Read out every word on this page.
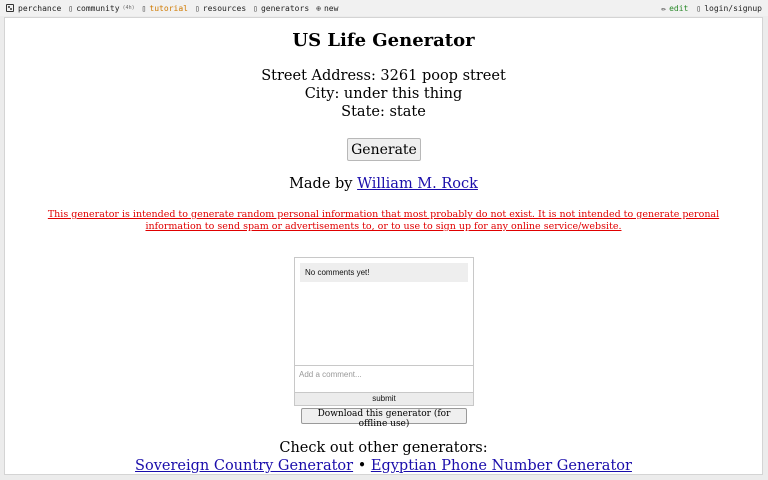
perchance ▯ community (4h) ▯ tutorial ▯ resources ▯ generators ⊕ new	✏ edit ▯ login/signup
US Life Generator
Street Address: 3261 poop street
City: under this thing
State: state
Generate
Made by William M. Rock
This generator is intended to generate random personal information that most probably do not exist. It is not intended to generate peronal information to send spam or advertisements to, or to use to sign up for any online service/website.
No comments yet!
Add a comment...
submit
Download this generator (for offline use)
Check out other generators:
Sovereign Country Generator • Egyptian Phone Number Generator
